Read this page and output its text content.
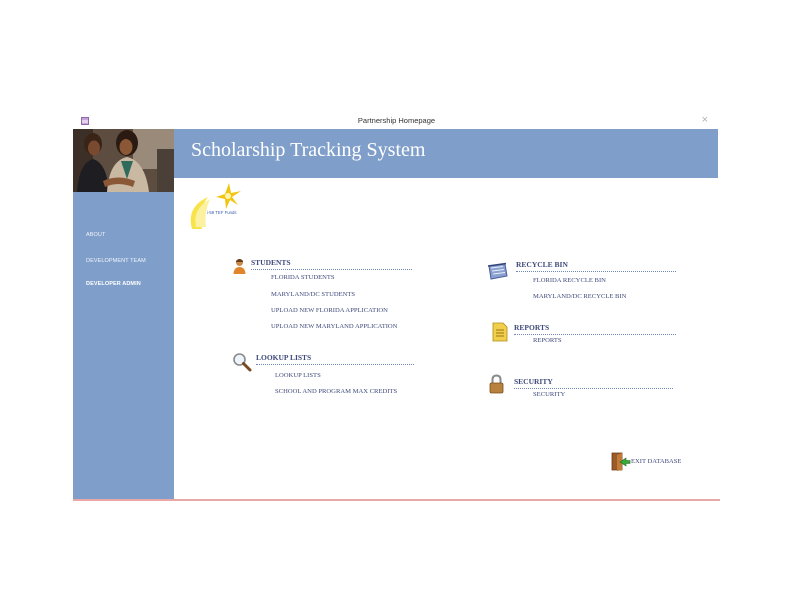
Partnership Homepage	×
ABOUT
DEVELOPMENT TEAM
DEVELOPER ADMIN
Scholarship Tracking System
i-59 TEF Funds
STUDENTS
FLORIDA STUDENTS
MARYLAND/DC STUDENTS
UPLOAD NEW FLORIDA APPLICATION
UPLOAD NEW MARYLAND APPLICATION
LOOKUP LISTS
LOOKUP LISTS
SCHOOL AND PROGRAM MAX CREDITS
RECYCLE BIN
FLORIDA RECYCLE BIN
MARYLAND/DC RECYCLE BIN
REPORTS
REPORTS
SECURITY
SECURITY
EXIT DATABASE
